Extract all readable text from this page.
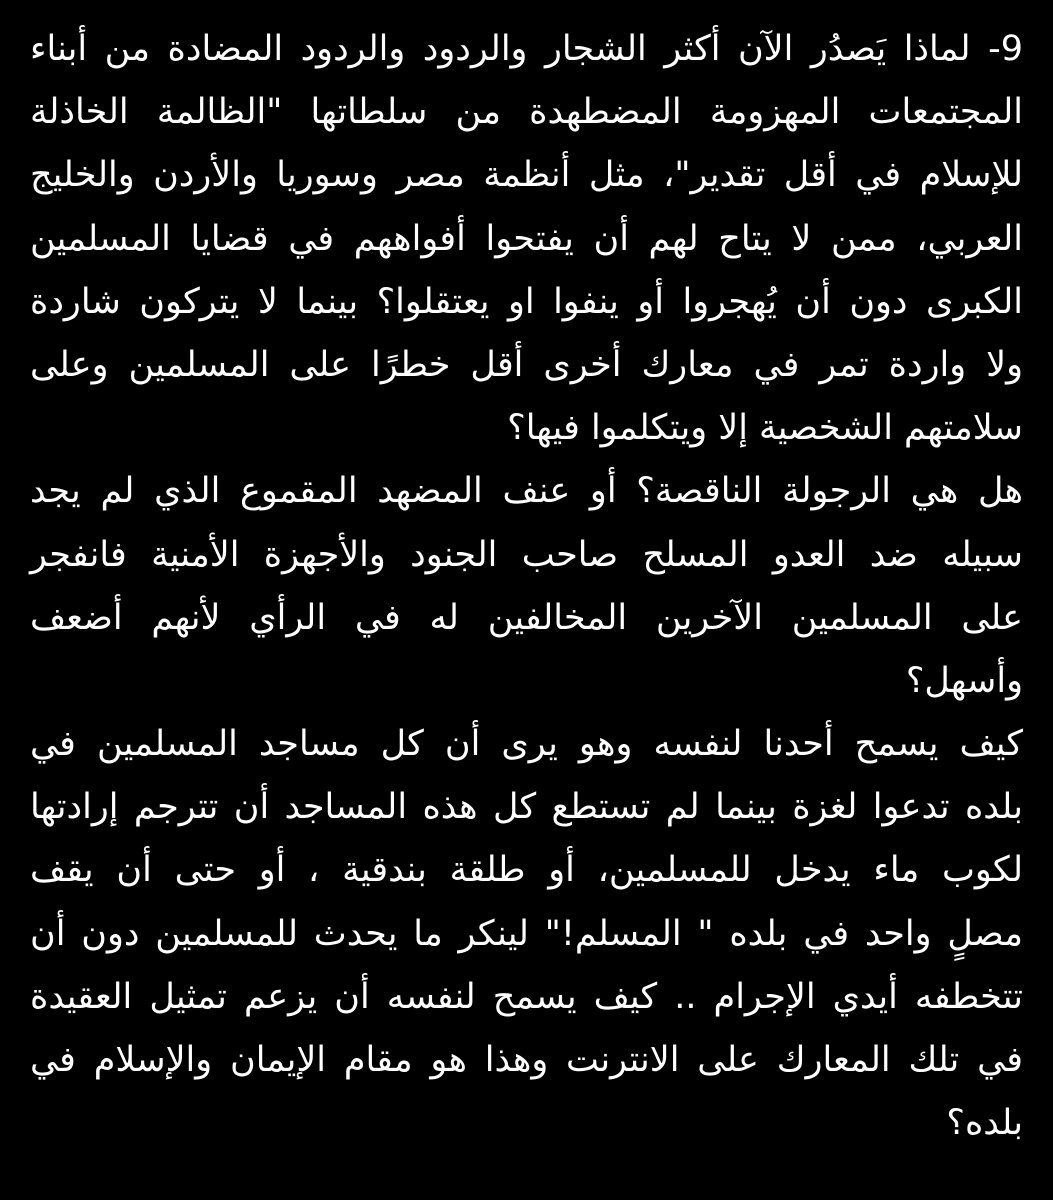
9- لماذا يَصدُر الآن أكثر الشجار والردود والردود المضادة من أبناء
المجتمعات المهزومة المضطهدة من سلطاتها "الظالمة الخاذلة
للإسلام في أقل تقدير"، مثل أنظمة مصر وسوريا والأردن والخليج
العربي، ممن لا يتاح لهم أن يفتحوا أفواههم في قضايا المسلمين
الكبرى دون أن يُهجروا أو ينفوا او يعتقلوا؟ بينما لا يتركون شاردة
ولا واردة تمر في معارك أخرى أقل خطرًا على المسلمين وعلى
سلامتهم الشخصية إلا ويتكلموا فيها؟
هل هي الرجولة الناقصة؟ أو عنف المضهد المقموع الذي لم يجد
سبيله ضد العدو المسلح صاحب الجنود والأجهزة الأمنية فانفجر
على المسلمين الآخرين المخالفين له في الرأي لأنهم أضعف
وأسهل؟
كيف يسمح أحدنا لنفسه وهو يرى أن كل مساجد المسلمين في
بلده تدعوا لغزة بينما لم تستطع كل هذه المساجد أن تترجم إرادتها
لكوب ماء يدخل للمسلمين، أو طلقة بندقية ، أو حتى أن يقف
مصلٍ واحد في بلده " المسلم!" لينكر ما يحدث للمسلمين دون أن
تتخطفه أيدي الإجرام .. كيف يسمح لنفسه أن يزعم تمثيل العقيدة
في تلك المعارك على الانترنت وهذا هو مقام الإيمان والإسلام في
بلده؟
